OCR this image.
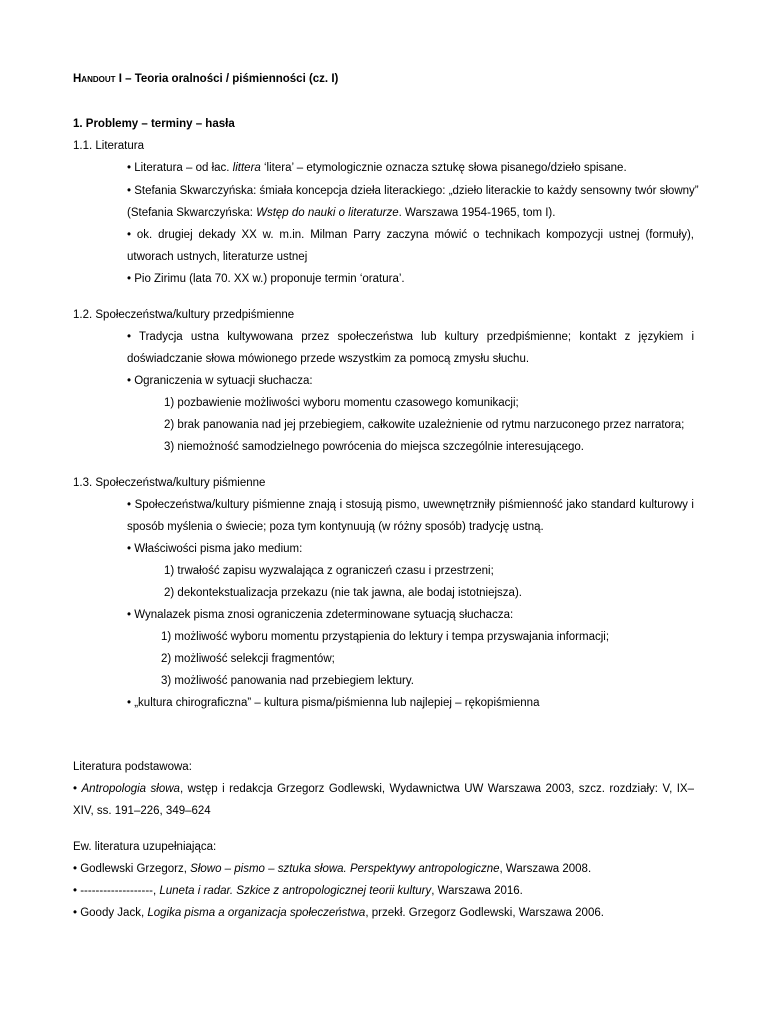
Handout I – Teoria oralności / piśmienności (cz. I)
1. Problemy – terminy – hasła
1.1. Literatura
• Literatura – od łac. littera ‘litera’ – etymologicznie oznacza sztukę słowa pisanego/dzieło spisane.
• Stefania Skwarczyńska: śmiała koncepcja dzieła literackiego: „dzieło literackie to każdy sensowny twór słowny”
(Stefania Skwarczyńska: Wstęp do nauki o literaturze. Warszawa 1954-1965, tom I).
• ok. drugiej dekady XX w. m.in. Milman Parry zaczyna mówić o technikach kompozycji ustnej (formuły),
utworach ustnych, literaturze ustnej
• Pio Zirimu (lata 70. XX w.) proponuje termin ‘oratura’.
1.2. Społeczeństwa/kultury przedpiśmienne
• Tradycja ustna kultywowana przez społeczeństwa lub kultury przedpiśmienne; kontakt z językiem i
doświadczanie słowa mówionego przede wszystkim za pomocą zmysłu słuchu.
• Ograniczenia w sytuacji słuchacza:
1) pozbawienie możliwości wyboru momentu czasowego komunikacji;
2) brak panowania nad jej przebiegiem, całkowite uzależnienie od rytmu narzuconego przez narratora;
3) niemożność samodzielnego powrócenia do miejsca szczególnie interesującego.
1.3. Społeczeństwa/kultury piśmienne
• Społeczeństwa/kultury piśmienne znają i stosują pismo, uwewnętrzniły piśmienność jako standard kulturowy i
sposób myślenia o świecie; poza tym kontynuują (w różny sposób) tradycję ustną.
• Właściwości pisma jako medium:
1) trwałość zapisu wyzwalająca z ograniczeń czasu i przestrzeni;
2) dekontekstualizacja przekazu (nie tak jawna, ale bodaj istotniejsza).
• Wynalazek pisma znosi ograniczenia zdeterminowane sytuacją słuchacza:
1) możliwość wyboru momentu przystąpienia do lektury i tempa przyswajania informacji;
2) możliwość selekcji fragmentów;
3) możliwość panowania nad przebiegiem lektury.
• „kultura chirograficzna” – kultura pisma/piśmienna lub najlepiej – rękopiśmienna
Literatura podstawowa:
• Antropologia słowa, wstęp i redakcja Grzegorz Godlewski, Wydawnictwa UW Warszawa 2003, szcz. rozdziały: V, IX–
XIV, ss. 191–226, 349–624
Ew. literatura uzupełniająca:
• Godlewski Grzegorz, Słowo – pismo – sztuka słowa. Perspektywy antropologiczne, Warszawa 2008.
• -------------------, Luneta i radar. Szkice z antropologicznej teorii kultury, Warszawa 2016.
• Goody Jack, Logika pisma a organizacja społeczeństwa, przekł. Grzegorz Godlewski, Warszawa 2006.
